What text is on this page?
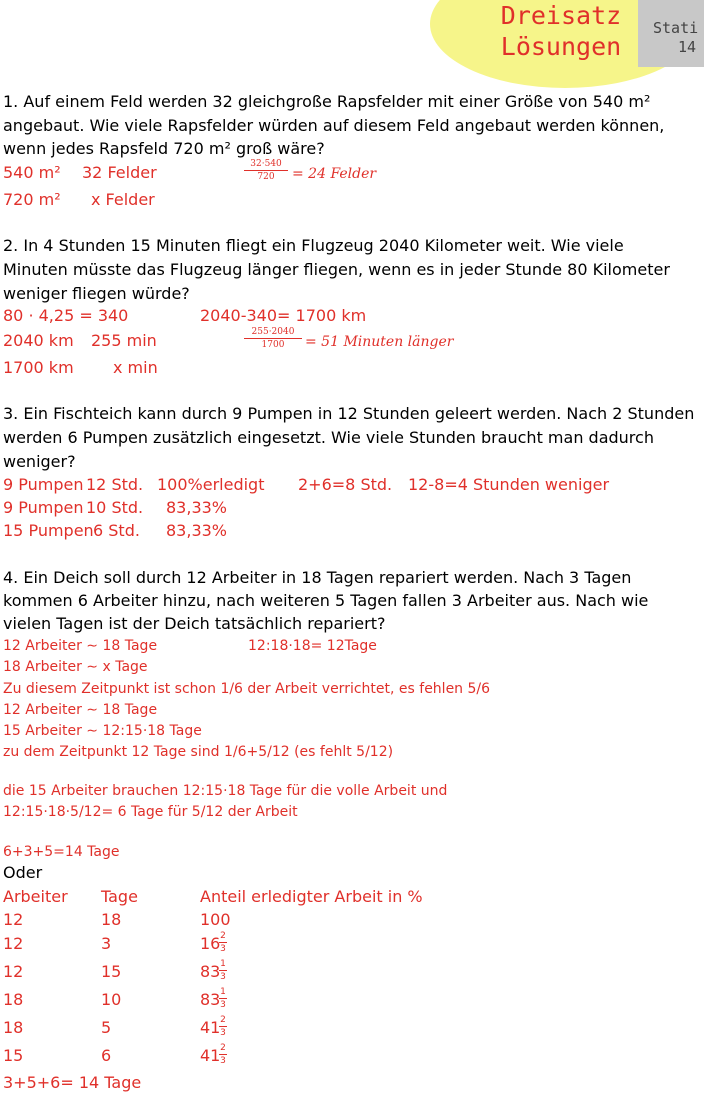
Dreisatz
Lösungen
Stati
14
1. Auf einem Feld werden 32 gleichgroße Rapsfelder mit einer Größe von 540 m²
angebaut. Wie viele Rapsfelder würden auf diesem Feld angebaut werden können,
wenn jedes Rapsfeld 720 m² groß wäre?
540 m² 32 Felder
720 m² x Felder
32·540
720	= 24 Felder
2. In 4 Stunden 15 Minuten fliegt ein Flugzeug 2040 Kilometer weit. Wie viele
Minuten müsste das Flugzeug länger fliegen, wenn es in jeder Stunde 80 Kilometer
weniger fliegen würde?
80 · 4,25 = 340	2040-340= 1700 km
2040 km 255 min
1700 km x min
255·2040
1700	= 51 Minuten länger
3. Ein Fischteich kann durch 9 Pumpen in 12 Stunden geleert werden. Nach 2 Stunden
werden 6 Pumpen zusätzlich eingesetzt. Wie viele Stunden braucht man dadurch
weniger?
9 Pumpen 12 Std. 100%erledigt 2+6=8 Std. 12-8=4 Stunden weniger
9 Pumpen 10 Std. 83,33%
15 Pumpen 6 Std. 83,33%
4. Ein Deich soll durch 12 Arbeiter in 18 Tagen repariert werden. Nach 3 Tagen
kommen 6 Arbeiter hinzu, nach weiteren 5 Tagen fallen 3 Arbeiter aus. Nach wie
vielen Tagen ist der Deich tatsächlich repariert?
12 Arbeiter ∼ 18 Tage	12:18·18= 12Tage
18 Arbeiter ∼ x Tage
Zu diesem Zeitpunkt ist schon 1/6 der Arbeit verrichtet, es fehlen 5/6
12 Arbeiter ∼ 18 Tage
15 Arbeiter ∼ 12:15·18 Tage
zu dem Zeitpunkt 12 Tage sind 1/6+5/12 (es fehlt 5/12)
die 15 Arbeiter brauchen 12:15·18 Tage für die volle Arbeit und
12:15·18·5/12= 6 Tage für 5/12 der Arbeit
6+3+5=14 Tage
Oder
Arbeiter Tage	Anteil erledigter Arbeit in %
12	18	100
12	3	16 2
3
12	15	83 1
3
18	10	83 1
3
18	5	41 2
3
15	6	41 2
3
3+5+6= 14 Tage
